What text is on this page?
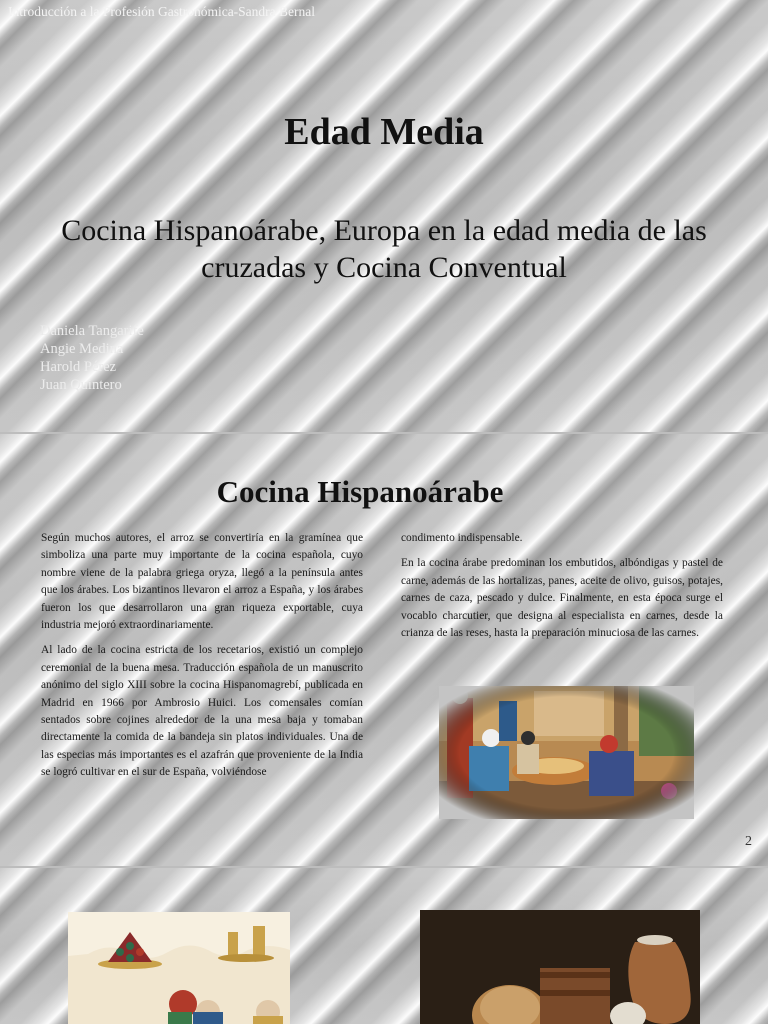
Introducción a la Profesión Gastronómica-Sandra Bernal
Edad Media
Cocina Hispanoárabe, Europa en la edad media de las cruzadas y Cocina Conventual
Daniela Tangarife
Angie Medina
Harold Pérez
Juan Quintero
Cocina Hispanoárabe

Según muchos autores, el arroz se convertiría en la gramínea que simboliza una parte muy importante de la cocina española, cuyo nombre viene de la palabra griega oryza, llegó a la península antes que los árabes. Los bizantinos llevaron el arroz a España, y los árabes fueron los que desarrollaron una gran riqueza exportable, cuya industria mejoró extraordinariamente.

Al lado de la cocina estricta de los recetarios, existió un complejo ceremonial de la buena mesa. Traducción española de un manuscrito anónimo del siglo XIII sobre la cocina Hispanomagrebí, publicada en Madrid en 1966 por Ambrosio Huici. Los comensales comían sentados sobre cojines alrededor de la una mesa baja y tomaban directamente la comida de la bandeja sin platos individuales. Una de las especias más importantes es el azafrán que proveniente de la India se logró cultivar en el sur de España, volviéndose

condimento indispensable.

En la cocina árabe predominan los embutidos, albóndigas y pastel de carne, además de las hortalizas, panes, aceite de olivo, guisos, potajes, carnes de caza, pescado y dulce. Finalmente, en esta época surge el vocablo charcutier, que designa al especialista en carnes, desde la crianza de las reses, hasta la preparación minuciosa de las carnes.

2
